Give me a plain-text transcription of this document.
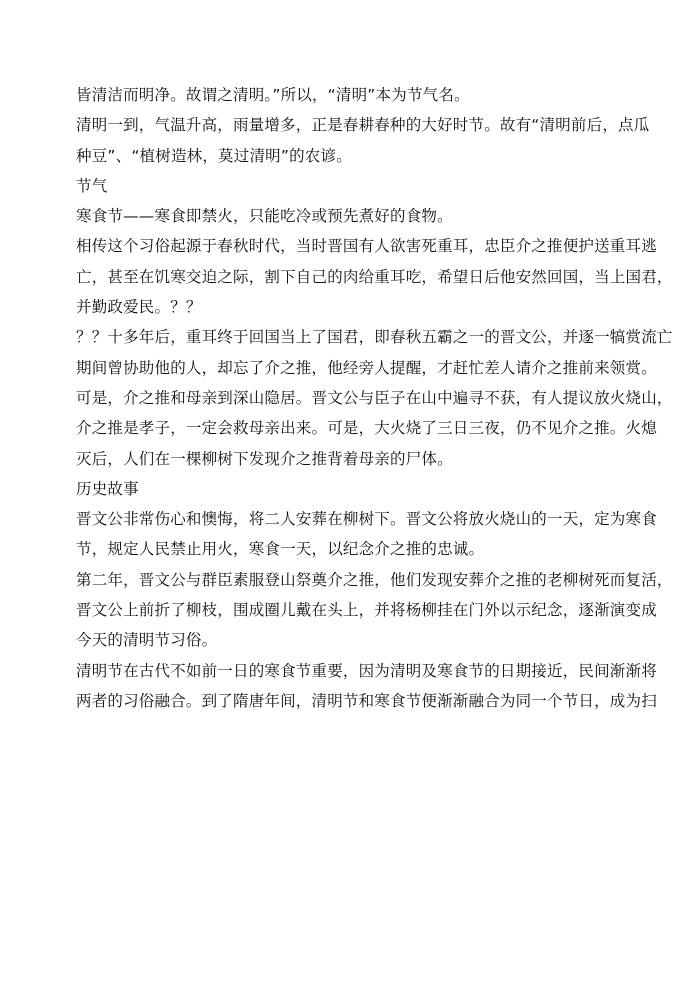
皆清洁而明净。故谓之清明。”所以，“清明”本为节气名。
清明一到，气温升高，雨量增多，正是春耕春种的大好时节。故有“清明前后，点瓜
种豆”、“植树造林，莫过清明”的农谚。
节气
寒食节——寒食即禁火，只能吃冷或预先煮好的食物。
相传这个习俗起源于春秋时代，当时晋国有人欲害死重耳，忠臣介之推便护送重耳逃
亡，甚至在饥寒交迫之际，割下自己的肉给重耳吃，希望日后他安然回国，当上国君，
并勤政爱民。？？
？？十多年后，重耳终于回国当上了国君，即春秋五霸之一的晋文公，并逐一犒赏流亡
期间曾协助他的人，却忘了介之推，他经旁人提醒，才赶忙差人请介之推前来领赏。
可是，介之推和母亲到深山隐居。晋文公与臣子在山中遍寻不获，有人提议放火烧山，
介之推是孝子，一定会救母亲出来。可是，大火烧了三日三夜，仍不见介之推。火熄
灭后，人们在一棵柳树下发现介之推背着母亲的尸体。
历史故事
晋文公非常伤心和懊悔，将二人安葬在柳树下。晋文公将放火烧山的一天，定为寒食
节，规定人民禁止用火，寒食一天，以纪念介之推的忠诚。
第二年，晋文公与群臣素服登山祭奠介之推，他们发现安葬介之推的老柳树死而复活，
晋文公上前折了柳枝，围成圈儿戴在头上，并将杨柳挂在门外以示纪念，逐渐演变成
今天的清明节习俗。
清明节在古代不如前一日的寒食节重要，因为清明及寒食节的日期接近，民间渐渐将
两者的习俗融合。到了隋唐年间，清明节和寒食节便渐渐融合为同一个节日，成为扫
